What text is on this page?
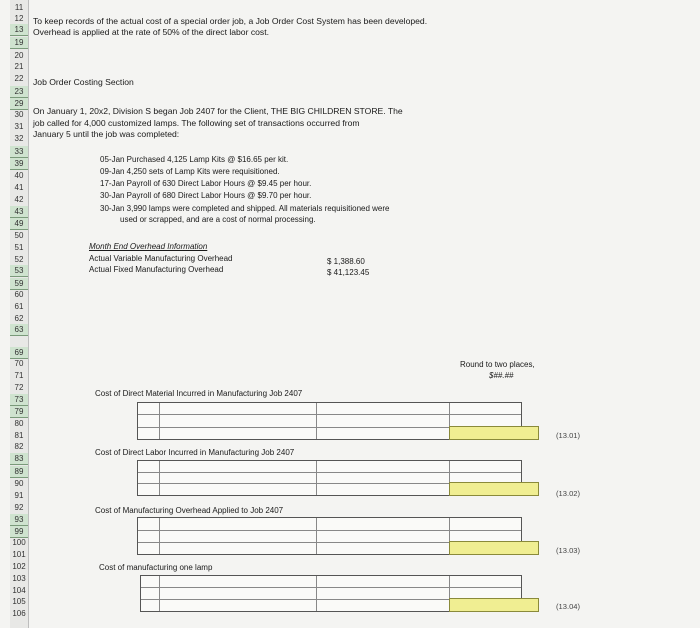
11
12
13
19
20
21
22
23
29
30
31
32
33
39
40
41
42
43
49
50
51
52
53
59
60
61
62
63
69
70
71
72
73
79
80
81
82
83
89
90
91
92
93
99
100
101
102
103
104
105
106
To keep records of the actual cost of a special order job, a Job Order Cost System has been developed.
Overhead is applied at the rate of 50% of the direct labor cost.
Job Order Costing Section
On January 1, 20x2, Division S began Job 2407 for the Client, THE BIG CHILDREN STORE. The
job called for 4,000 customized lamps. The following set of transactions occurred from
January 5 until the job was completed:
05-Jan Purchased 4,125 Lamp Kits @ $16.65 per kit.
09-Jan 4,250 sets of Lamp Kits were requisitioned.
17-Jan Payroll of 630 Direct Labor Hours @ $9.45 per hour.
30-Jan Payroll of 680 Direct Labor Hours @ $9.70 per hour.
30-Jan 3,990 lamps were completed and shipped. All materials requisitioned were
used or scrapped, and are a cost of normal processing.
Month End Overhead Information
Actual Variable Manufacturing Overhead	$ 1,388.60
Actual Fixed Manufacturing Overhead	$ 41,123.45
Round to two places,
$##.##
Cost of Direct Material Incurred in Manufacturing Job 2407
(13.01)
Cost of Direct Labor Incurred in Manufacturing Job 2407
(13.02)
Cost of Manufacturing Overhead Applied to Job 2407
(13.03)
Cost of manufacturing one lamp
(13.04)
